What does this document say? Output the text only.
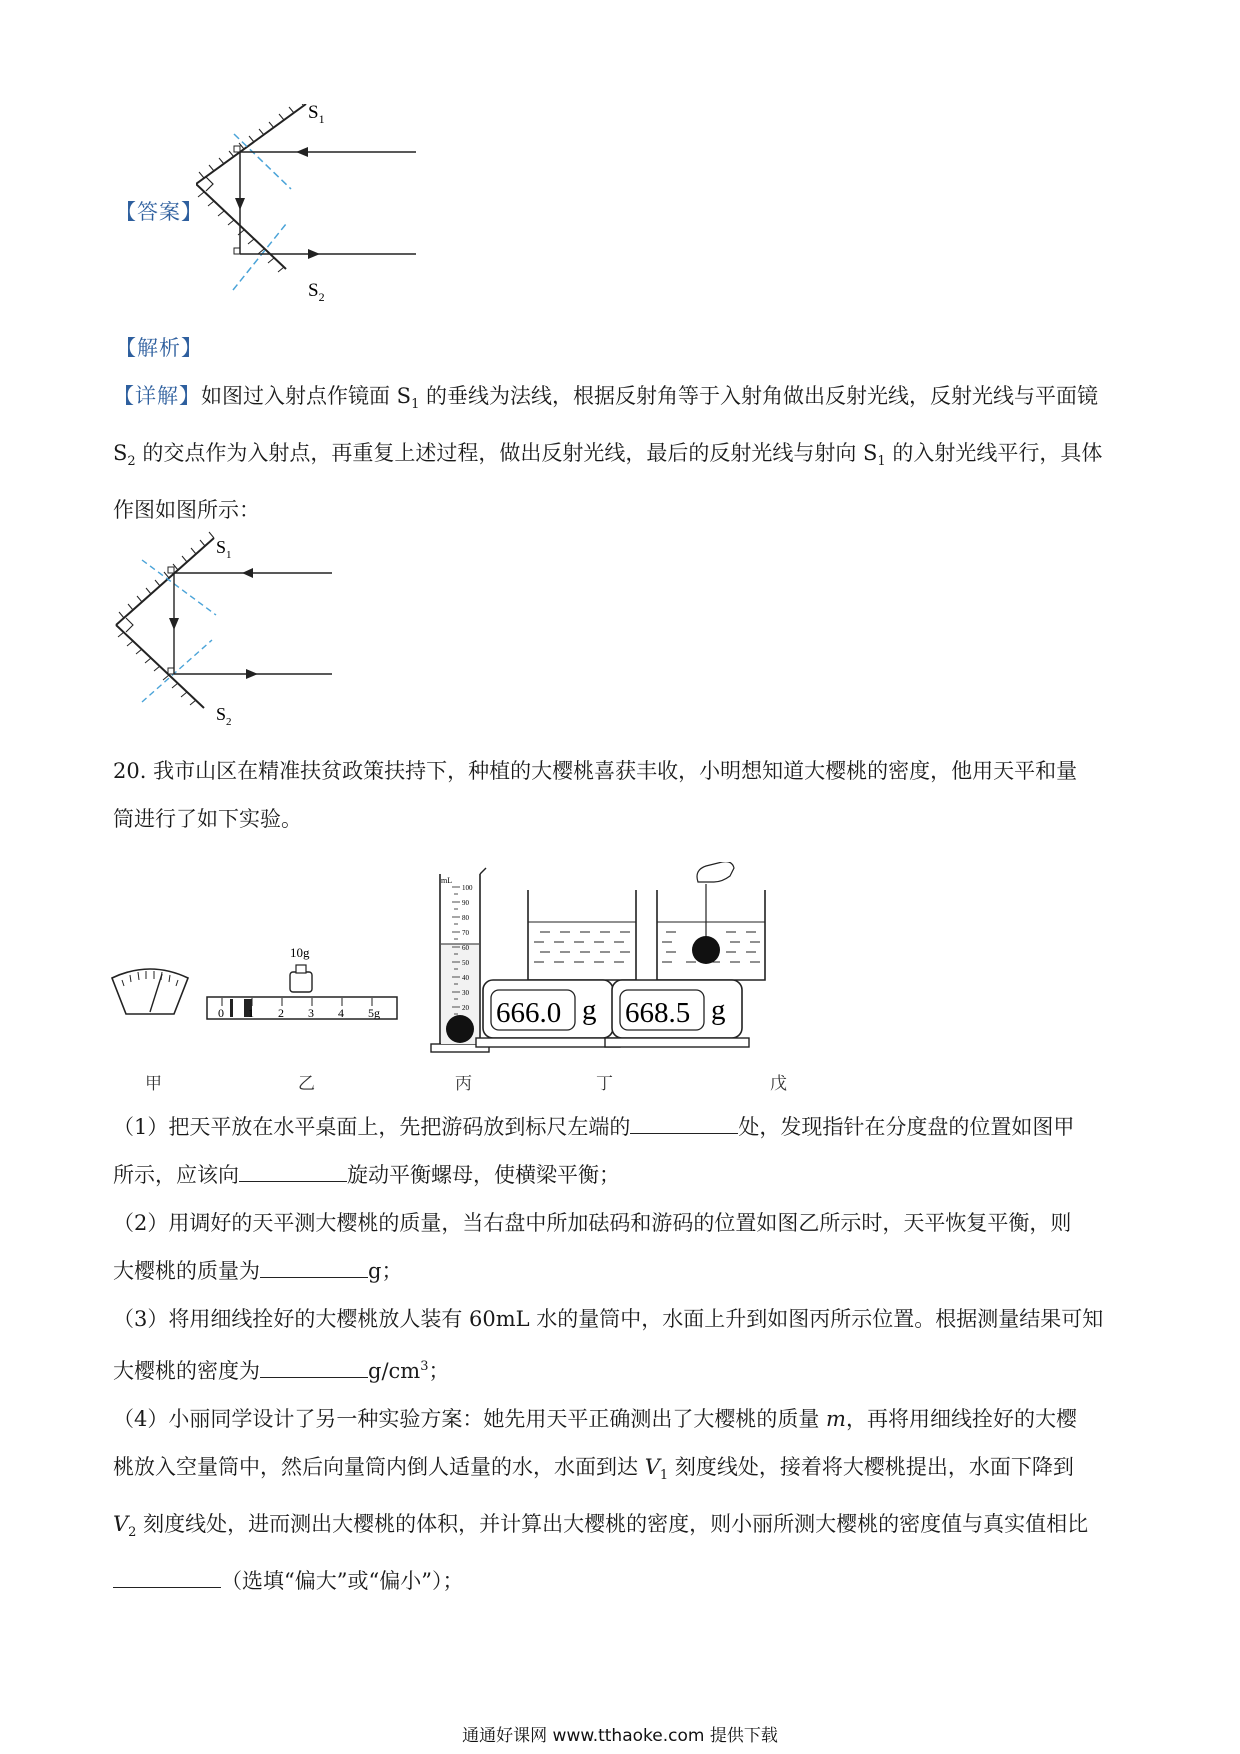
【答案】
$S_1$
$S_2$
【解析】
【详解】如图过入射点作镜面 $S_1$ 的垂线为法线，根据反射角等于入射角做出反射光线，反射光线与平面镜
$S_2$ 的交点作为入射点，再重复上述过程，做出反射光线，最后的反射光线与射向 $S_1$ 的入射光线平行，具体
作图如图所示：
$S_1$
$S_2$
20. 我市山区在精准扶贫政策扶持下，种植的大樱桃喜获丰收，小明想知道大樱桃的密度，他用天平和量
筒进行了如下实验。
0 1 2 3 4 5g
10g
mL
100
90
80
70
60
50
40
30
20 666.0 g 668.5 g
甲	乙	丙	丁	戊
（1）把天平放在水平桌面上，先把游码放到标尺左端的	处，发现指针在分度盘的位置如图甲
所示，应该向	旋动平衡螺母，使横梁平衡；
（2）用调好的天平测大樱桃的质量，当右盘中所加砝码和游码的位置如图乙所示时，天平恢复平衡，则
大樱桃的质量为	g；
（3）将用细线拴好的大樱桃放人装有 60mL 水的量筒中，水面上升到如图丙所示位置。根据测量结果可知
大樱桃的密度为	$g/cm^3$；
（4）小丽同学设计了另一种实验方案：她先用天平正确测出了大樱桃的质量 m，再将用细线拴好的大樱
桃放入空量筒中，然后向量筒内倒人适量的水，水面到达 $V_1$ 刻度线处，接着将大樱桃提出，水面下降到
$V_2$ 刻度线处，进而测出大樱桃的体积，并计算出大樱桃的密度，则小丽所测大樱桃的密度值与真实值相比
（选填“偏大”或“偏小”）；
通通好课网 www.tthaoke.com 提供下载
